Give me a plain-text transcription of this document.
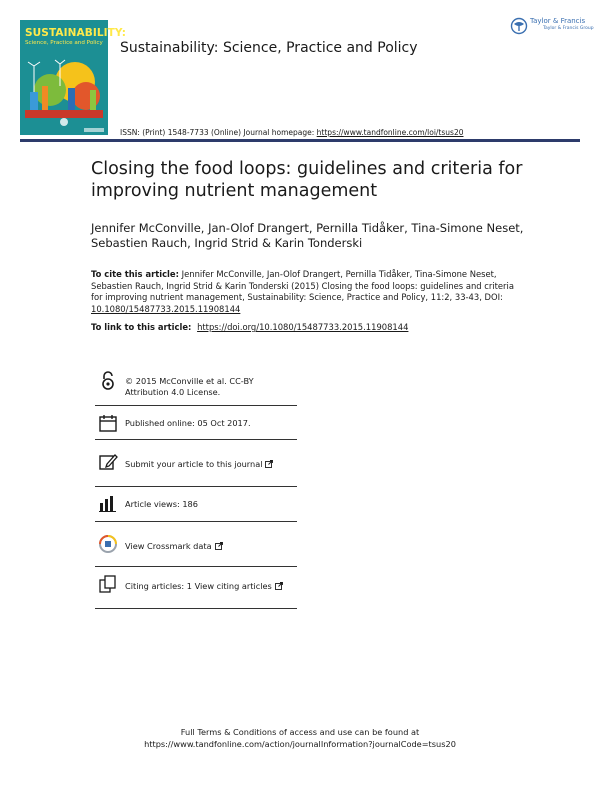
SUSTAINABILITY:
Science, Practice and Policy Sustainability: Science, Practice and Policy
Taylor & Francis
Taylor & Francis Group
ISSN: (Print) 1548-7733 (Online) Journal homepage: https://www.tandfonline.com/loi/tsus20
Closing the food loops: guidelines and criteria for improving nutrient management
Jennifer McConville, Jan-Olof Drangert, Pernilla Tidåker, Tina-Simone Neset, Sebastien Rauch, Ingrid Strid & Karin Tonderski
To cite this article: Jennifer McConville, Jan-Olof Drangert, Pernilla Tidåker, Tina-Simone Neset, Sebastien Rauch, Ingrid Strid & Karin Tonderski (2015) Closing the food loops: guidelines and criteria for improving nutrient management, Sustainability: Science, Practice and Policy, 11:2, 33-43, DOI: 10.1080/15487733.2015.11908144
To link to this article: https://doi.org/10.1080/15487733.2015.11908144
© 2015 McConville et al. CC-BY Attribution 4.0 License.
Published online: 05 Oct 2017.
Submit your article to this journal
Article views: 186
View Crossmark data
Citing articles: 1 View citing articles
Full Terms & Conditions of access and use can be found at
https://www.tandfonline.com/action/journalInformation?journalCode=tsus20
